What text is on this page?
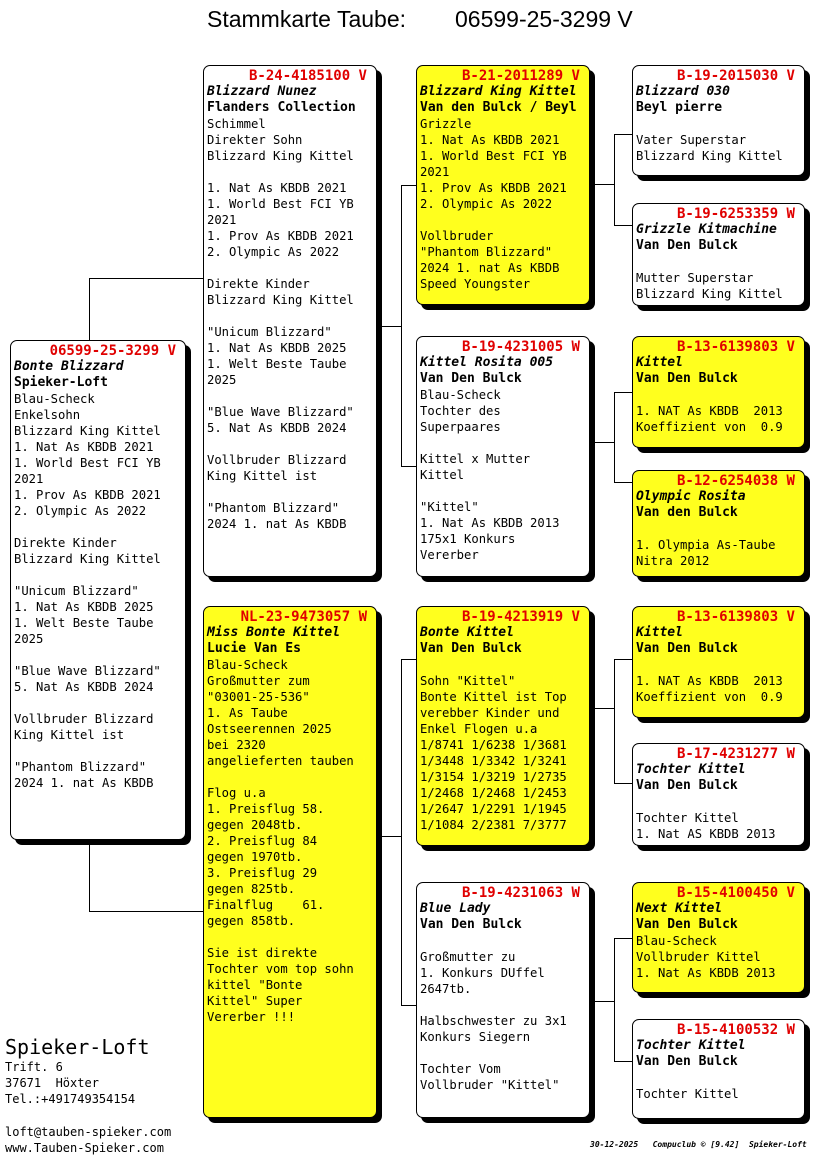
Stammkarte Taube: 06599-25-3299 V
06599-25-3299 V
Bonte Blizzard
Spieker-Loft
Blau-Scheck
Enkelsohn
Blizzard King Kittel
1. Nat As KBDB 2021
1. World Best FCI YB
2021
1. Prov As KBDB 2021
2. Olympic As 2022

Direkte Kinder
Blizzard King Kittel

"Unicum Blizzard"
1. Nat As KBDB 2025
1. Welt Beste Taube
2025

"Blue Wave Blizzard"
5. Nat As KBDB 2024

Vollbruder Blizzard
King Kittel ist

"Phantom Blizzard"
2024 1. nat As KBDB
B-24-4185100 V
Blizzard Nunez
Flanders Collection
Schimmel
Direkter Sohn
Blizzard King Kittel

1. Nat As KBDB 2021
1. World Best FCI YB
2021
1. Prov As KBDB 2021
2. Olympic As 2022

Direkte Kinder
Blizzard King Kittel

"Unicum Blizzard"
1. Nat As KBDB 2025
1. Welt Beste Taube
2025

"Blue Wave Blizzard"
5. Nat As KBDB 2024

Vollbruder Blizzard
King Kittel ist

"Phantom Blizzard"
2024 1. nat As KBDB
NL-23-9473057 W
Miss Bonte Kittel
Lucie Van Es
Blau-Scheck
Großmutter zum
"03001-25-536"
1. As Taube
Ostseerennen 2025
bei 2320
angelieferten tauben

Flog u.a
1. Preisflug 58.
gegen 2048tb.
2. Preisflug 84
gegen 1970tb.
3. Preisflug 29
gegen 825tb.
Finalflug    61.
gegen 858tb.

Sie ist direkte
Tochter vom top sohn
kittel "Bonte
Kittel" Super
Vererber !!!
B-21-2011289 V
Blizzard King Kittel
Van den Bulck / Beyl
Grizzle
1. Nat As KBDB 2021
1. World Best FCI YB
2021
1. Prov As KBDB 2021
2. Olympic As 2022

Vollbruder
"Phantom Blizzard"
2024 1. nat As KBDB
Speed Youngster
B-19-4231005 W
Kittel Rosita 005
Van Den Bulck
Blau-Scheck
Tochter des
Superpaares

Kittel x Mutter
Kittel

"Kittel"
1. Nat As KBDB 2013
175x1 Konkurs
Vererber
B-19-4213919 V
Bonte Kittel
Van Den Bulck

Sohn "Kittel"
Bonte Kittel ist Top
verebber Kinder und
Enkel Flogen u.a
1/8741 1/6238 1/3681
1/3448 1/3342 1/3241
1/3154 1/3219 1/2735
1/2468 1/2468 1/2453
1/2647 1/2291 1/1945
1/1084 2/2381 7/3777
B-19-4231063 W
Blue Lady
Van Den Bulck

Großmutter zu
1. Konkurs DUffel
2647tb.

Halbschwester zu 3x1
Konkurs Siegern

Tochter Vom
Vollbruder "Kittel"
B-19-2015030 V
Blizzard 030
Beyl pierre

Vater Superstar
Blizzard King Kittel
B-19-6253359 W
Grizzle Kitmachine
Van Den Bulck

Mutter Superstar
Blizzard King Kittel
B-13-6139803 V
Kittel
Van Den Bulck

1. NAT As KBDB  2013
Koeffizient von  0.9
B-12-6254038 W
Olympic Rosita
Van den Bulck

1. Olympia As-Taube
Nitra 2012
B-13-6139803 V
Kittel
Van Den Bulck

1. NAT As KBDB  2013
Koeffizient von  0.9
B-17-4231277 W
Tochter Kittel
Van Den Bulck

Tochter Kittel
1. Nat AS KBDB 2013
B-15-4100450 V
Next Kittel
Van Den Bulck
Blau-Scheck
Vollbruder Kittel
1. Nat As KBDB 2013
B-15-4100532 W
Tochter Kittel
Van Den Bulck

Tochter Kittel
Spieker-Loft
Trift. 6
37671  Höxter
Tel.:+491749354154
loft@tauben-spieker.com
www.Tauben-Spieker.com	30-12-2025   Compuclub © [9.42]  Spieker-Loft
